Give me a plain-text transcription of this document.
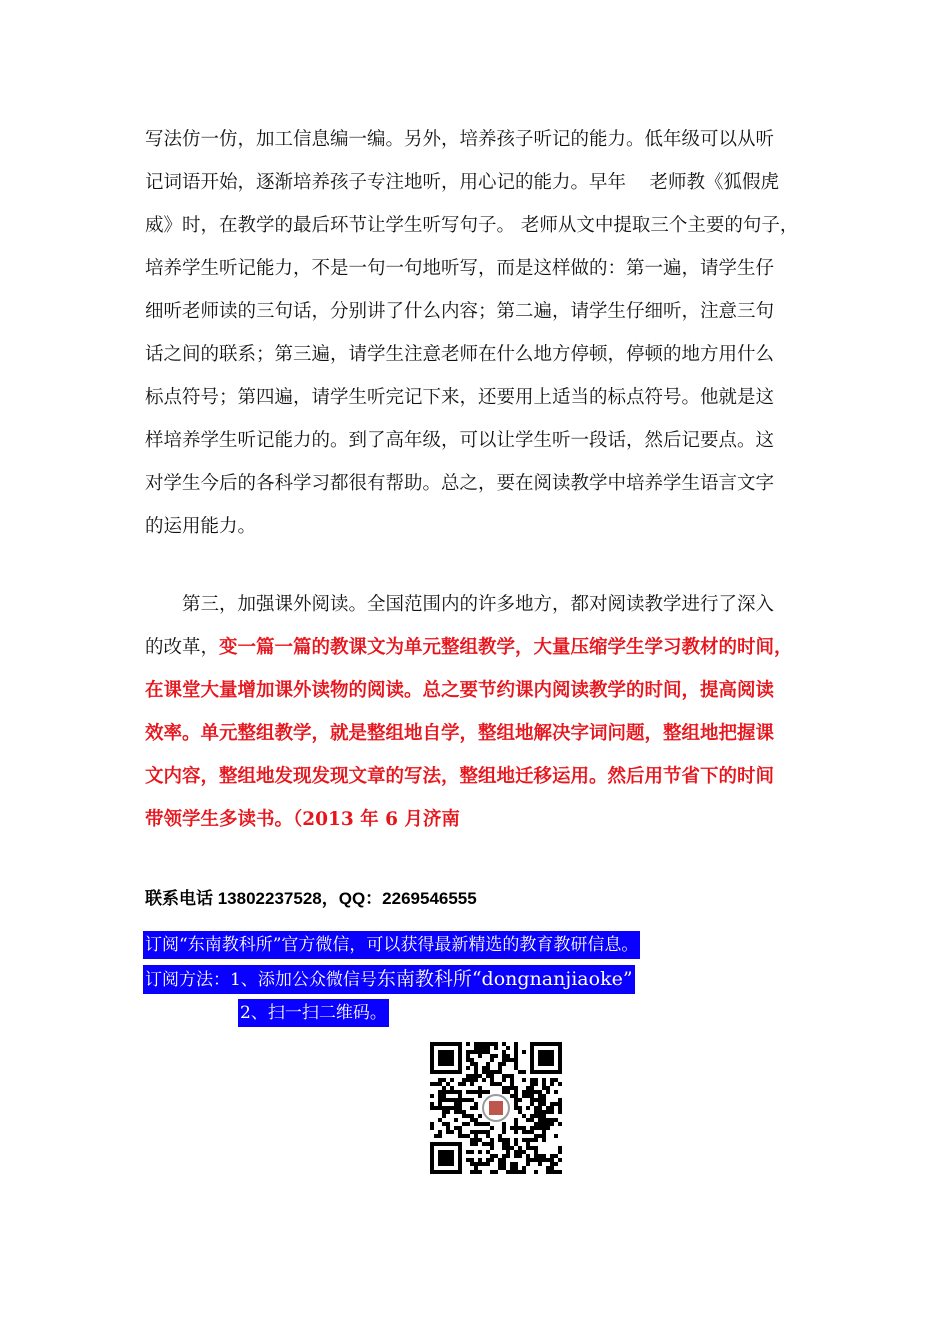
写法仿一仿，加工信息编一编。另外，培养孩子听记的能力。低年级可以从听
记词语开始，逐渐培养孩子专注地听，用心记的能力。早年    老师教《狐假虎
威》时，在教学的最后环节让学生听写句子。 老师从文中提取三个主要的句子，
培养学生听记能力，不是一句一句地听写，而是这样做的：第一遍，请学生仔
细听老师读的三句话，分别讲了什么内容；第二遍，请学生仔细听，注意三句
话之间的联系；第三遍，请学生注意老师在什么地方停顿，停顿的地方用什么
标点符号；第四遍，请学生听完记下来，还要用上适当的标点符号。他就是这
样培养学生听记能力的。到了高年级，可以让学生听一段话，然后记要点。这
对学生今后的各科学习都很有帮助。总之，要在阅读教学中培养学生语言文字
的运用能力。
第三，加强课外阅读。全国范围内的许多地方，都对阅读教学进行了深入
的改革，变一篇一篇的教课文为单元整组教学，大量压缩学生学习教材的时间，
在课堂大量增加课外读物的阅读。总之要节约课内阅读教学的时间，提高阅读
效率。单元整组教学，就是整组地自学，整组地解决字词问题，整组地把握课
文内容，整组地发现发现文章的写法，整组地迁移运用。然后用节省下的时间
带领学生多读书。（2013 年 6 月济南

联系电话 13802237528，QQ：2269546555

订阅“东南教科所”官方微信，可以获得最新精选的教育教研信息。

订阅方法：1、添加公众微信号东南教科所“dongnanjiaoke”

2、扫一扫二维码。
